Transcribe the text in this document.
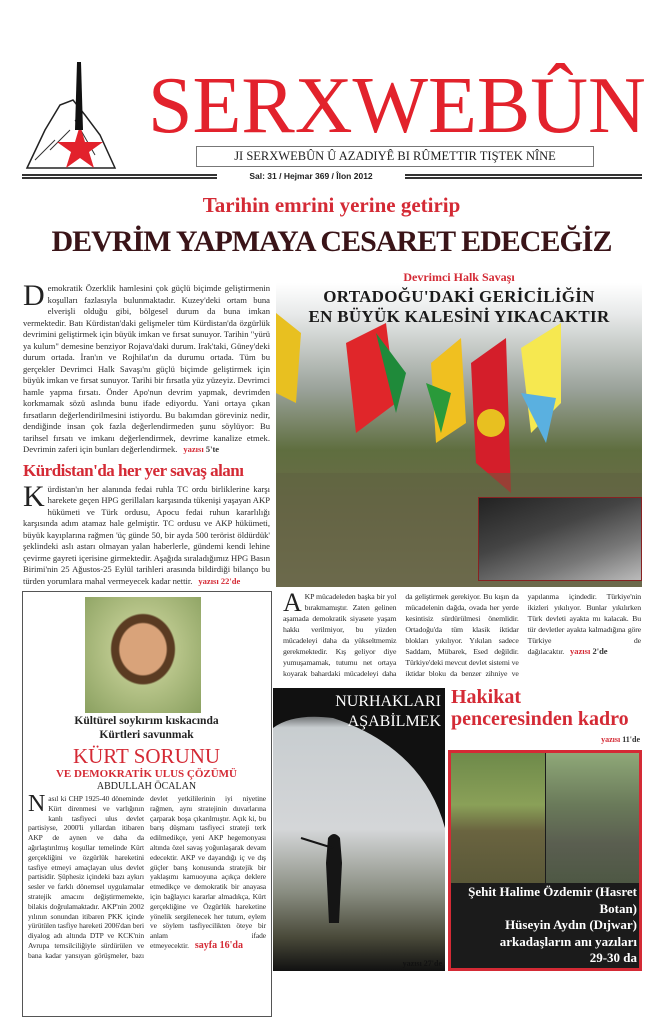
SERXWEBÛN
JI SERXWEBÛN Û AZADIYÊ BI RÛMETTIR TIŞTEK NÎNE
Sal: 31 / Hejmar 369 / Îlon 2012
Tarihin emrini yerine getirip
DEVRİM YAPMAYA CESARET EDECEĞİZ
Demokratik Özerklik hamlesini çok güçlü biçimde geliştirmenin koşulları fazlasıyla bulunmaktadır. Kuzey'deki ortam buna elverişli olduğu gibi, bölgesel durum da buna imkan vermektedir. Batı Kürdistan'daki gelişmeler tüm Kürdistan'da özgürlük devrimini geliştirmek için büyük imkan ve fırsat sunuyor. Tarihin "yürü ya kulum" demesine benziyor Rojava'daki durum. Irak'taki, Güney'deki durum ortada. İran'ın ve Rojhilat'ın da durumu ortada. Tüm bu gerçekler Devrimci Halk Savaşı'nı güçlü biçimde geliştirmek için büyük imkan ve fırsat sunuyor. Tarihi bir fırsatla yüz yüzeyiz. Devrimci hamle yapma fırsatı. Önder Apo'nun devrim yapmak, devrimden korkmamak sözü aslında bunu ifade ediyordu. Yani ortaya çıkan fırsatların değerlendirilmesini istiyordu. Bu bakımdan göreviniz nedir, dendiğinde insan çok fazla değerlendirmeden şunu söylüyor: Bu tarihsel fırsatı ve imkanı değerlendirmek, devrime kanalize etmek. Devrimin zaferi için bunları değerlendirmek. yazısı 5'te
Kürdistan'da her yer savaş alanı
Kürdistan'ın her alanında fedai ruhla TC ordu birliklerine karşı harekete geçen HPG gerillaları karşısında tükenişi yaşayan AKP hükümeti ve Türk ordusu, Apocu fedai ruhun kararlılığı karşısında adım atamaz hale gelmiştir. TC ordusu ve AKP hükümeti, büyük kayıplarına rağmen 'üç günde 50, bir ayda 500 terörist öldürdük' şeklindeki aslı astarı olmayan yalan haberlerle, gündemi kendi lehine çevirme gayreti içerisine girmektedir. Aşağıda sıraladığımız HPG Basın Birimi'nin 25 Ağustos-25 Eylül tarihleri arasında bildirdiği bilanço bu türden yorumlara mahal vermeyecek kadar nettir. yazısı 22'de
Kültürel soykırım kıskacında
Kürtleri savunmak
KÜRT SORUNU
VE DEMOKRATİK ULUS ÇÖZÜMÜ
ABDULLAH ÖCALAN
Nasıl ki CHP 1925-40 döneminde Kürt direnmesi ve varlığının kanlı tasfiyeci ulus devlet partisiyse, 2000'li yıllardan itibaren AKP de aynen ve daha da ağırlaştırılmış koşullar temelinde Kürt gerçekliğini ve özgürlük hareketini tasfiye etmeyi amaçlayan ulus devlet partisidir. Şüphesiz içindeki bazı aykırı sesler ve farklı dönemsel uygulamalar stratejik amacını değiştirmemekte, bilakis doğrulamaktadır. AKP'nin 2002 yılının sonundan itibaren PKK içinde yürütülen tasfiye hareketi 2006'dan beri diyalog adı altında DTP ve KCK'nin Avrupa temsilciliğiyle sürdürülen ve bana kadar yansıyan görüşmeler, bazı devlet yetkililerinin iyi niyetine rağmen, aynı stratejinin duvarlarına çarparak boşa çıkarılmıştır. Açık ki, bu barış düşmanı tasfiyeci strateji terk edilmedikçe, yeni AKP hegemonyası altında özel savaş yoğunlaşarak devam edecektir. AKP ve dayandığı iç ve dış güçler barış konusunda stratejik bir yaklaşımı kamuoyuna açıkça deklere etmedikçe ve demokratik bir anayasa için bağlayıcı kararlar almadıkça, Kürt gerçekliğine ve Özgürlük hareketine yönelik sergilenecek her tutum, eylem ve söylem tasfiyecilikten öteye bir anlam ifade etmeyecektir. sayfa 16'da
Devrimci Halk Savaşı
ORTADOĞU'DAKİ GERİCİLİĞİN
EN BÜYÜK KALESİNİ YIKACAKTIR
AKP mücadeleden başka bir yol bırakmamıştır. Zaten gelinen aşamada demokratik siyasete yaşam hakkı verilmiyor, bu yüzden mücadeleyi daha da yükseltmemiz gerekmektedir. Kış geliyor diye yumuşamamak, tutumu net ortaya koyarak bahardaki mücadeleyi daha da geliştirmek gerekiyor. Bu kışın da mücadelenin dağda, ovada her yerde kesintisiz sürdürülmesi önemlidir. Ortadoğu'da tüm klasik iktidar blokları yıkılıyor. Yıkılan sadece Saddam, Mübarek, Esed değildir. Türkiye'deki mevcut devlet sistemi ve iktidar bloku da benzer zihniye ve yapılanma içindedir. Türkiye'nin ikizleri yıkılıyor. Bunlar yıkılırken Türk devleti ayakta mı kalacak. Bu tür devletler ayakta kalmadığına göre Türkiye de dağılacaktır. yazısı 2'de
NURHAKLARI
AŞABİLMEK
yazısı 27'de
Hakikat
penceresinden kadro
yazısı 11'de
Şehit Halime Özdemir (Hasret Botan)
Hüseyin Aydın (Dıjwar)
arkadaşların anı yazıları
29-30 da
